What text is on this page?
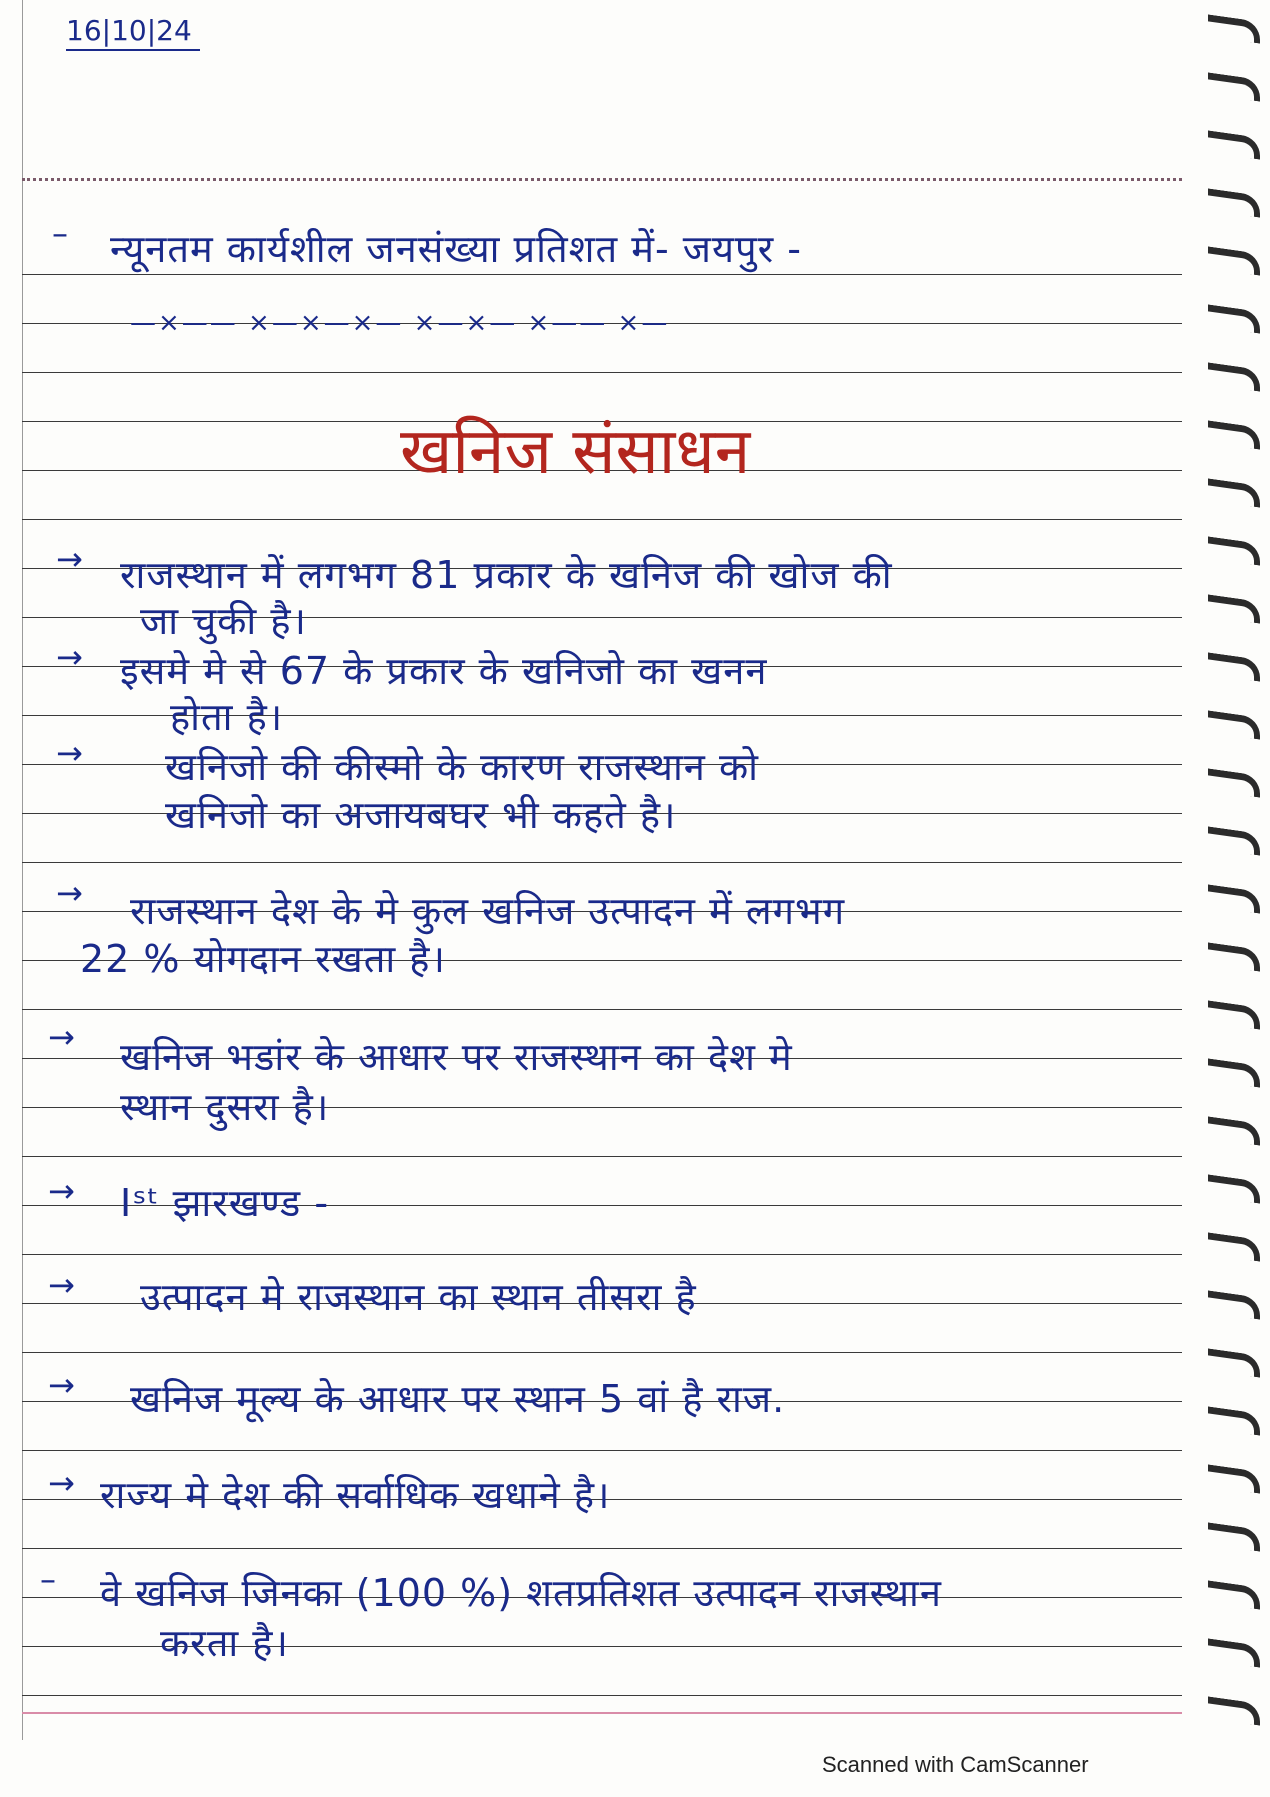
16|10|24
– न्यूनतम कार्यशील जनसंख्या प्रतिशत में- जयपुर -
—×—— ×—×—×— ×—×— ×—— ×—
खनिज संसाधन
→ राजस्थान में लगभग 81 प्रकार के खनिज की खोज की
जा चुकी है।
→ इसमे मे से 67 के प्रकार के खनिजो का खनन
होता है।
→ खनिजो की कीस्मो के कारण राजस्थान को
खनिजो का अजायबघर भी कहते है।
→ राजस्थान देश के मे कुल खनिज उत्पादन में लगभग
22 % योगदान रखता है।
→ खनिज भडांर के आधार पर राजस्थान का देश मे
स्थान दुसरा है।
→ Iˢᵗ झारखण्ड -
→ उत्पादन मे राजस्थान का स्थान तीसरा है
→ खनिज मूल्य के आधार पर स्थान 5 वां है राज.
→ राज्य मे देश की सर्वाधिक खधाने है।
– वे खनिज जिनका (100 %) शतप्रतिशत उत्पादन राजस्थान
करता है।
Scanned with CamScanner
